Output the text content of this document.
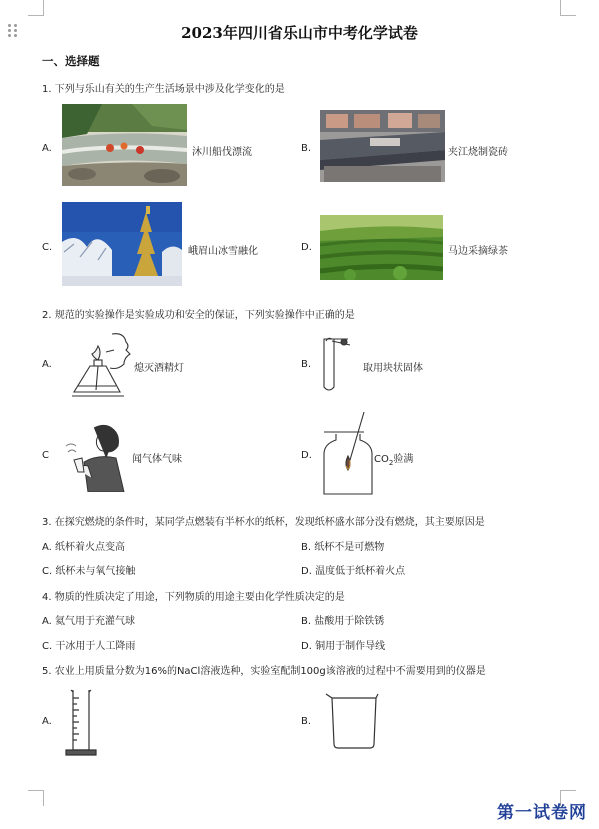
2023年四川省乐山市中考化学试卷
一、选择题
1. 下列与乐山有关的生产生活场景中涉及化学变化的是
A.	沐川船伐漂流	B.	夹江烧制瓷砖
C.	峨眉山冰雪融化	D.	马边采摘绿茶
2. 规范的实验操作是实验成功和安全的保证，下列实验操作中正确的是
A.	熄灭酒精灯	B.	取用块状固体
C	闻气体气味	D.	$CO_2$验满
3. 在探究燃烧的条件时，某同学点燃装有半杯水的纸杯，发现纸杯盛水部分没有燃烧，其主要原因是
A. 纸杯着火点变高	B. 纸杯不是可燃物
C. 纸杯未与氧气接触	D. 温度低于纸杯着火点
4. 物质的性质决定了用途，下列物质的用途主要由化学性质决定的是
A. 氦气用于充灌气球	B. 盐酸用于除铁锈
C. 干冰用于人工降雨	D. 铜用于制作导线
5. 农业上用质量分数为16%的NaCl溶液选种，实验室配制100g该溶液的过程中不需要用到的仪器是
A.	B.
第一试卷网
